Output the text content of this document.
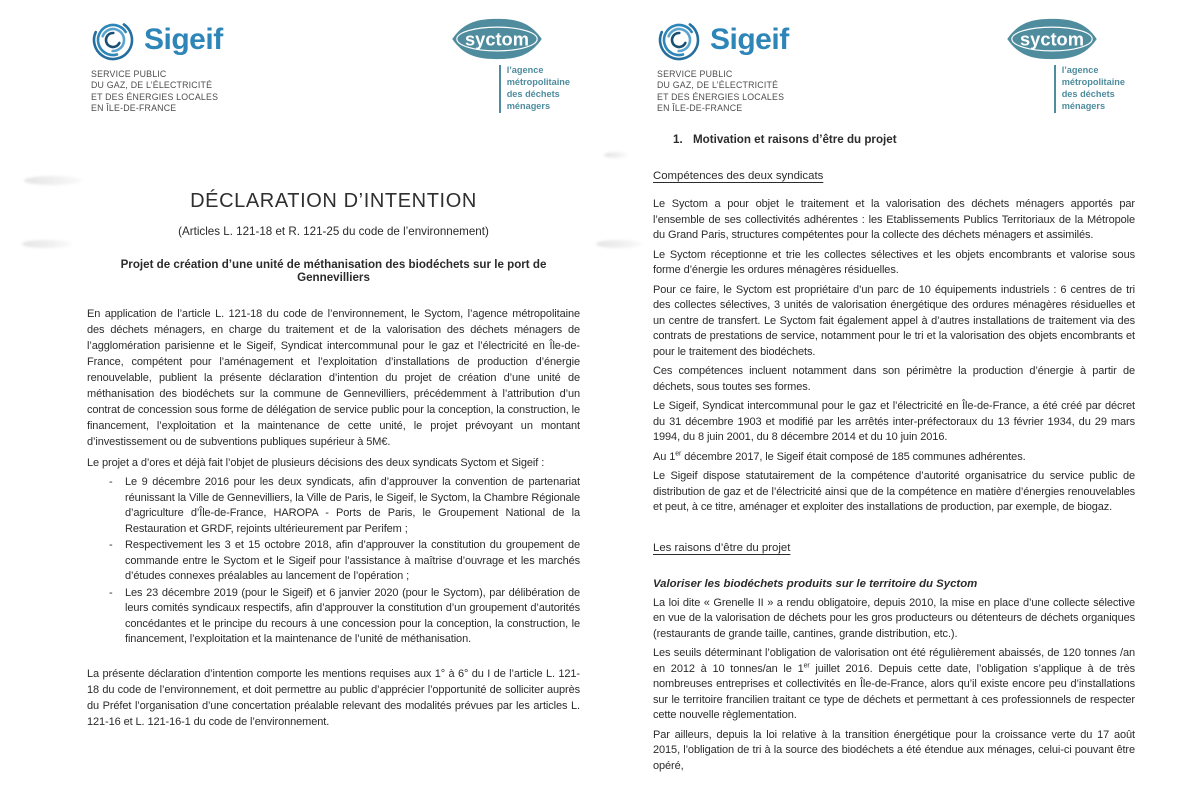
Sigeif
SERVICE PUBLIC
DU GAZ, DE L’ÉLECTRICITÉ
ET DES ÉNERGIES LOCALES
EN ÎLE-DE-FRANCE
syctom
l’agence
métropolitaine
des déchets
ménagers
DÉCLARATION D’INTENTION
(Articles L. 121-18 et R. 121-25 du code de l’environnement)
Projet de création d’une unité de méthanisation des biodéchets sur le port de Gennevilliers

En application de l’article L. 121-18 du code de l’environnement, le Syctom, l’agence métropolitaine des déchets ménagers, en charge du traitement et de la valorisation des déchets ménagers de l’agglomération parisienne et le Sigeif, Syndicat intercommunal pour le gaz et l’électricité en Île-de-France, compétent pour l’aménagement et l’exploitation d’installations de production d’énergie renouvelable, publient la présente déclaration d’intention du projet de création d’une unité de méthanisation des biodéchets sur la commune de Gennevilliers, précédemment à l’attribution d’un contrat de concession sous forme de délégation de service public pour la conception, la construction, le financement, l’exploitation et la maintenance de cette unité, le projet prévoyant un montant d’investissement ou de subventions publiques supérieur à 5M€.

Le projet a d’ores et déjà fait l’objet de plusieurs décisions des deux syndicats Syctom et Sigeif :

-	Le 9 décembre 2016 pour les deux syndicats, afin d’approuver la convention de partenariat réunissant la Ville de Gennevilliers, la Ville de Paris, le Sigeif, le Syctom, la Chambre Régionale d’agriculture d’Île-de-France, HAROPA - Ports de Paris, le Groupement National de la Restauration et GRDF, rejoints ultérieurement par Perifem ;
-	Respectivement les 3 et 15 octobre 2018, afin d’approuver la constitution du groupement de commande entre le Syctom et le Sigeif pour l’assistance à maîtrise d’ouvrage et les marchés d’études connexes préalables au lancement de l’opération ;
-	Les 23 décembre 2019 (pour le Sigeif) et 6 janvier 2020 (pour le Syctom), par délibération de leurs comités syndicaux respectifs, afin d’approuver la constitution d’un groupement d’autorités concédantes et le principe du recours à une concession pour la conception, la construction, le financement, l’exploitation et la maintenance de l’unité de méthanisation.

La présente déclaration d’intention comporte les mentions requises aux 1° à 6° du I de l’article L. 121-18 du code de l’environnement, et doit permettre au public d’apprécier l’opportunité de solliciter auprès du Préfet l’organisation d’une concertation préalable relevant des modalités prévues par les articles L. 121-16 et L. 121-16-1 du code de l’environnement.

Sigeif
SERVICE PUBLIC
DU GAZ, DE L’ÉLECTRICITÉ
ET DES ÉNERGIES LOCALES
EN ÎLE-DE-FRANCE
syctom
l’agence
métropolitaine
des déchets
ménagers
1. Motivation et raisons d’être du projet
Compétences des deux syndicats

Le Syctom a pour objet le traitement et la valorisation des déchets ménagers apportés par l’ensemble de ses collectivités adhérentes : les Etablissements Publics Territoriaux de la Métropole du Grand Paris, structures compétentes pour la collecte des déchets ménagers et assimilés.

Le Syctom réceptionne et trie les collectes sélectives et les objets encombrants et valorise sous forme d’énergie les ordures ménagères résiduelles.

Pour ce faire, le Syctom est propriétaire d’un parc de 10 équipements industriels : 6 centres de tri des collectes sélectives, 3 unités de valorisation énergétique des ordures ménagères résiduelles et un centre de transfert. Le Syctom fait également appel à d’autres installations de traitement via des contrats de prestations de service, notamment pour le tri et la valorisation des objets encombrants et pour le traitement des biodéchets.

Ces compétences incluent notamment dans son périmètre la production d’énergie à partir de déchets, sous toutes ses formes.

Le Sigeif, Syndicat intercommunal pour le gaz et l’électricité en Île-de-France, a été créé par décret du 31 décembre 1903 et modifié par les arrêtés inter-préfectoraux du 13 février 1934, du 29 mars 1994, du 8 juin 2001, du 8 décembre 2014 et du 10 juin 2016.

Au 1er décembre 2017, le Sigeif était composé de 185 communes adhérentes.

Le Sigeif dispose statutairement de la compétence d’autorité organisatrice du service public de distribution de gaz et de l’électricité ainsi que de la compétence en matière d’énergies renouvelables et peut, à ce titre, aménager et exploiter des installations de production, par exemple, de biogaz.

Les raisons d’être du projet
Valoriser les biodéchets produits sur le territoire du Syctom

La loi dite « Grenelle II » a rendu obligatoire, depuis 2010, la mise en place d’une collecte sélective en vue de la valorisation de déchets pour les gros producteurs ou détenteurs de déchets organiques (restaurants de grande taille, cantines, grande distribution, etc.).

Les seuils déterminant l’obligation de valorisation ont été régulièrement abaissés, de 120 tonnes /an en 2012 à 10 tonnes/an le 1er juillet 2016. Depuis cette date, l’obligation s’applique à de très nombreuses entreprises et collectivités en Île-de-France, alors qu’il existe encore peu d’installations sur le territoire francilien traitant ce type de déchets et permettant à ces professionnels de respecter cette nouvelle règlementation.

Par ailleurs, depuis la loi relative à la transition énergétique pour la croissance verte du 17 août 2015, l’obligation de tri à la source des biodéchets a été étendue aux ménages, celui-ci pouvant être opéré,
